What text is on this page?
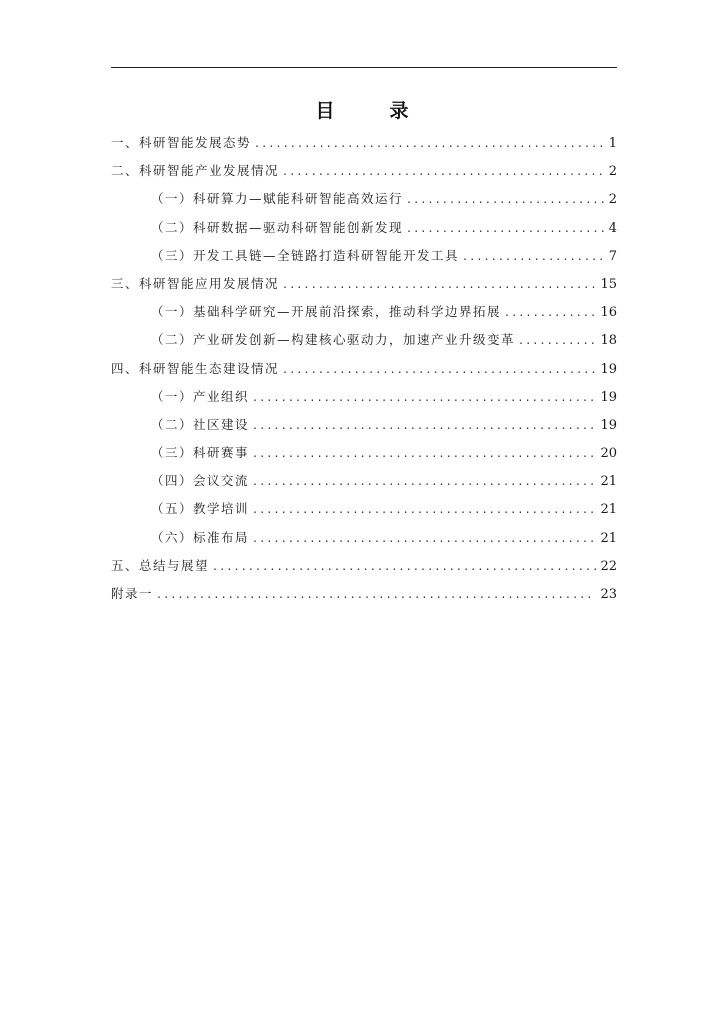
目　录
一、科研智能发展态势 .....	1
二、科研智能产业发展情况 .....	2
（一）科研算力—赋能科研智能高效运行 .....	2
（二）科研数据—驱动科研智能创新发现 .....	4
（三）开发工具链—全链路打造科研智能开发工具 .....	7
三、科研智能应用发展情况 .....	15
（一）基础科学研究—开展前沿探索，推动科学边界拓展 .....	16
（二）产业研发创新—构建核心驱动力，加速产业升级变革 .....	18
四、科研智能生态建设情况 .....	19
（一）产业组织 .....	19
（二）社区建设 .....	19
（三）科研赛事 .....	20
（四）会议交流 .....	21
（五）教学培训 .....	21
（六）标准布局 .....	21
五、总结与展望 .....	22
附录一 .....	23
